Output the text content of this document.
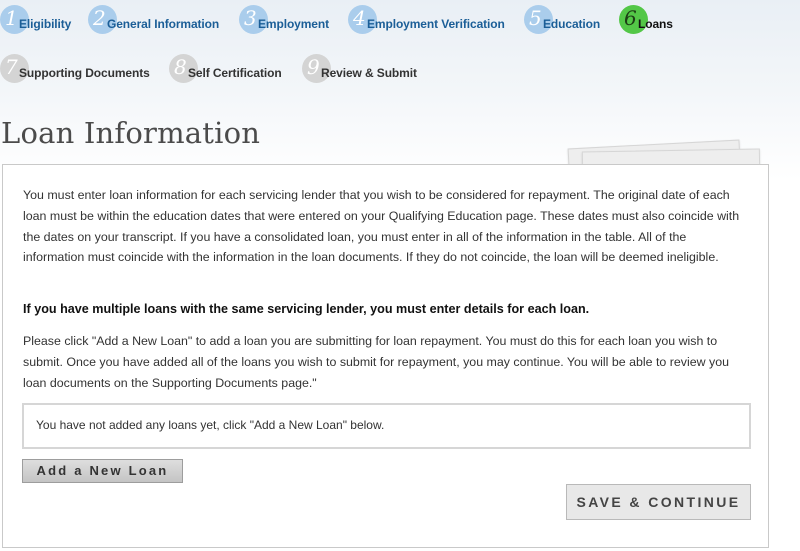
1 Eligibility 2 General Information 3 Employment 4 Employment Verification 5 Education 6 Loans
7 Supporting Documents 8 Self Certification 9 Review & Submit
Loan Information

You must enter loan information for each servicing lender that you wish to be considered for repayment. The original date of each loan must be within the education dates that were entered on your Qualifying Education page. These dates must also coincide with the dates on your transcript. If you have a consolidated loan, you must enter in all of the information in the table. All of the information must coincide with the information in the loan documents. If they do not coincide, the loan will be deemed ineligible.

If you have multiple loans with the same servicing lender, you must enter details for each loan.

Please click "Add a New Loan" to add a loan you are submitting for loan repayment. You must do this for each loan you wish to submit. Once you have added all of the loans you wish to submit for repayment, you may continue. You will be able to review you loan documents on the Supporting Documents page."

You have not added any loans yet, click "Add a New Loan" below.
Add a New Loan
SAVE & CONTINUE
